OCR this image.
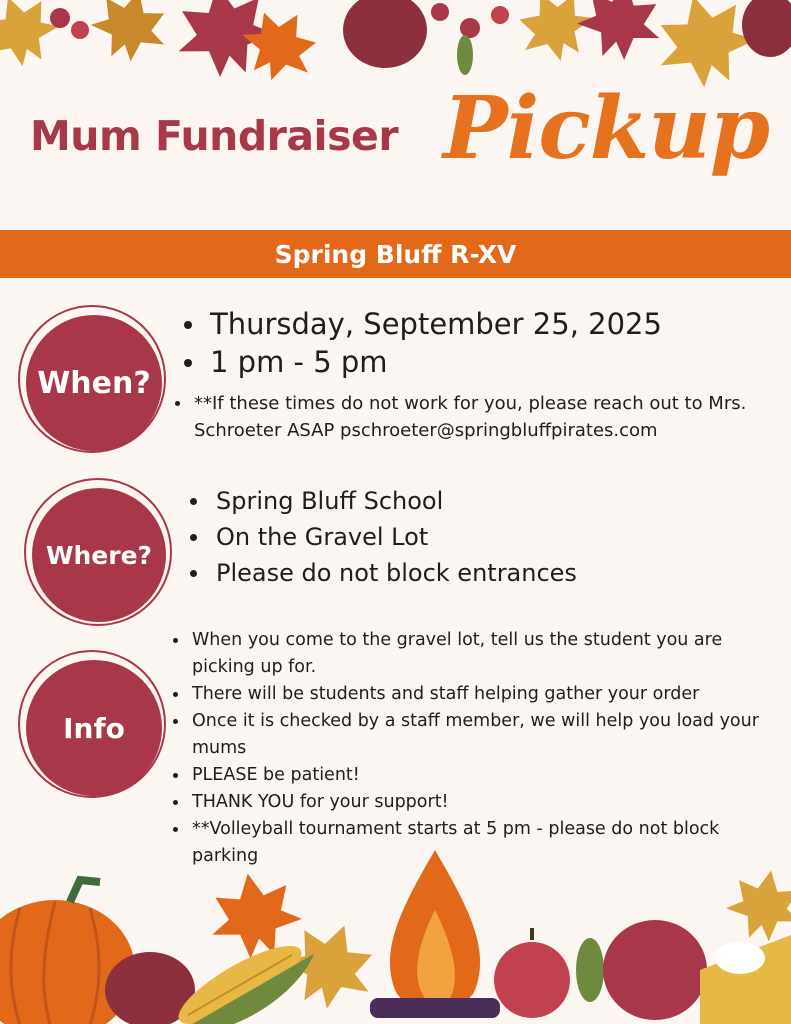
Mum Fundraiser Pickup
Spring Bluff R-XV
When?
Thursday, September 25, 2025
1 pm - 5 pm
**If these times do not work for you, please reach out to Mrs. Schroeter ASAP pschroeter@springbluffpirates.com
Where?
Spring Bluff School
On the Gravel Lot
Please do not block entrances
Info
When you come to the gravel lot, tell us the student you are picking up for.
There will be students and staff helping gather your order
Once it is checked by a staff member, we will help you load your mums
PLEASE be patient!
THANK YOU for your support!
**Volleyball tournament starts at 5 pm - please do not block parking
